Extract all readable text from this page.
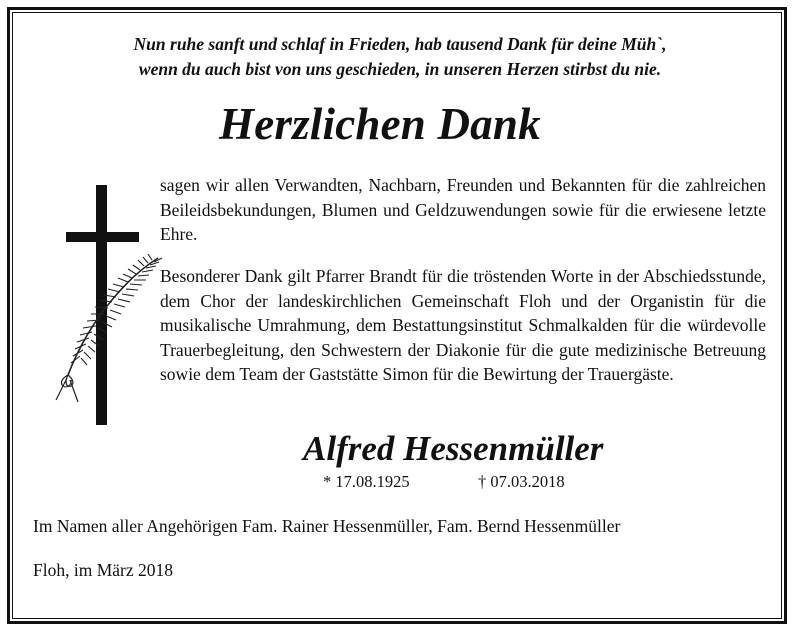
Nun ruhe sanft und schlaf in Frieden, hab tausend Dank für deine Müh`,
wenn du auch bist von uns geschieden, in unseren Herzen stirbst du nie.
Herzlichen Dank
sagen wir allen Verwandten, Nachbarn, Freunden und Bekannten für die zahlreichen Beileidsbekundungen, Blumen und Geldzuwendungen sowie für die erwiesene letzte Ehre.
Besonderer Dank gilt Pfarrer Brandt für die tröstenden Worte in der Abschiedsstunde, dem Chor der landeskirchlichen Gemeinschaft Floh und der Organistin für die musikalische Umrahmung, dem Bestattungsinstitut Schmalkalden für die würdevolle Trauerbegleitung, den Schwestern der Diakonie für die gute medizinische Betreuung sowie dem Team der Gaststätte Simon für die Bewirtung der Trauergäste.
Alfred Hessenmüller
* 17.08.1925	† 07.03.2018
Im Namen aller Angehörigen Fam. Rainer Hessenmüller, Fam. Bernd Hessenmüller
Floh, im März 2018
